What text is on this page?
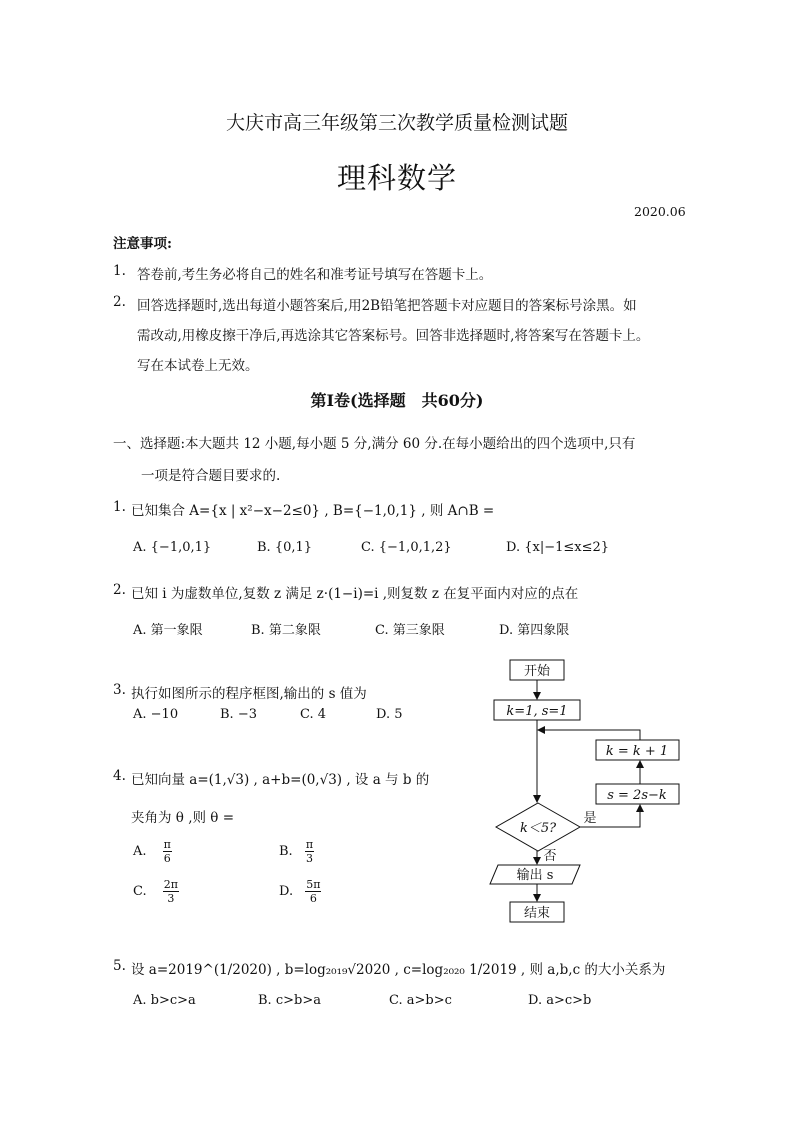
大庆市高三年级第三次教学质量检测试题
理科数学
2020.06
注意事项:
1. 答卷前,考生务必将自己的姓名和准考证号填写在答题卡上。
2. 回答选择题时,选出每道小题答案后,用2B铅笔把答题卡对应题目的答案标号涂黑。如
需改动,用橡皮擦干净后,再选涂其它答案标号。回答非选择题时,将答案写在答题卡上。
写在本试卷上无效。
第Ⅰ卷(选择题　共60分)
一、选择题:本大题共 12 小题,每小题 5 分,满分 60 分.在每小题给出的四个选项中,只有
一项是符合题目要求的.
1. 已知集合 A={x | x²−x−2≤0} , B={−1,0,1} , 则 A∩B =
A. {−1,0,1}	B. {0,1}	C. {−1,0,1,2}	D. {x|−1≤x≤2}
2. 已知 i 为虚数单位,复数 z 满足 z·(1−i)=i ,则复数 z 在复平面内对应的点在
A. 第一象限	B. 第二象限	C. 第三象限	D. 第四象限
3. 执行如图所示的程序框图,输出的 s 值为
A. −10	B. −3	C. 4	D. 5
4. 已知向量 a=(1,√3) , a+b=(0,√3) , 设 a 与 b 的
夹角为 θ ,则 θ =
A. $\frac{\pi}{6}$	B. $\frac{\pi}{3}$
C. $\frac{2\pi}{3}$	D. $\frac{5\pi}{6}$
5. 设 a=2019^(1/2020) , b=log₂₀₁₉√2020 , c=log₂₀₂₀ 1/2019 , 则 a,b,c 的大小关系为
A. b>c>a	B. c>b>a	C. a>b>c	D. a>c>b
开始
k=1, s=1
k = k + 1
s = 2s−k
k＜5?
是
否
输出 s
结束
